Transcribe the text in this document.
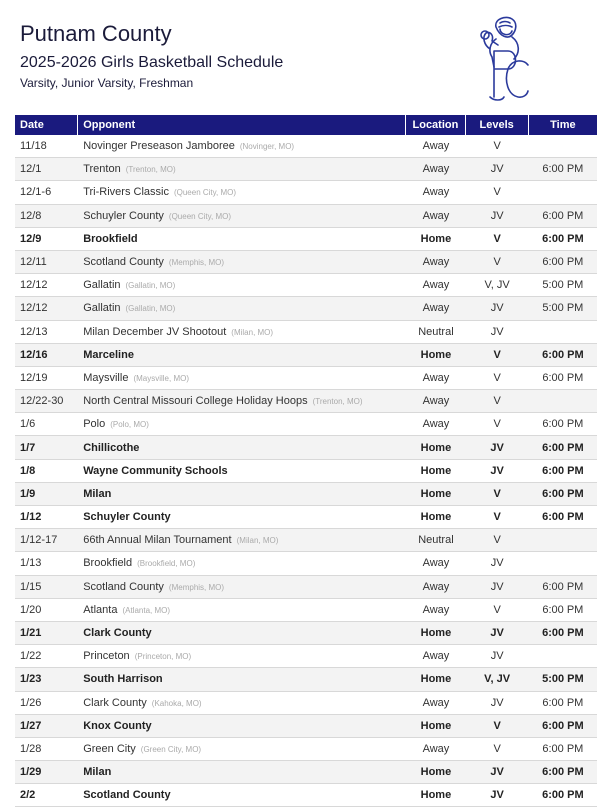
Putnam County
2025-2026 Girls Basketball Schedule
Varsity, Junior Varsity, Freshman
Date	Opponent	Location	Levels	Time
11/18	Novinger Preseason Jamboree (Novinger, MO)	Away	V	
12/1	Trenton (Trenton, MO)	Away	JV	6:00 PM
12/1-6	Tri-Rivers Classic (Queen City, MO)	Away	V	
12/8	Schuyler County (Queen City, MO)	Away	JV	6:00 PM
12/9	Brookfield	Home	V	6:00 PM
12/11	Scotland County (Memphis, MO)	Away	V	6:00 PM
12/12	Gallatin (Gallatin, MO)	Away	V, JV	5:00 PM
12/12	Gallatin (Gallatin, MO)	Away	JV	5:00 PM
12/13	Milan December JV Shootout (Milan, MO)	Neutral	JV	
12/16	Marceline	Home	V	6:00 PM
12/19	Maysville (Maysville, MO)	Away	V	6:00 PM
12/22-30	North Central Missouri College Holiday Hoops (Trenton, MO)	Away	V	
1/6	Polo (Polo, MO)	Away	V	6:00 PM
1/7	Chillicothe	Home	JV	6:00 PM
1/8	Wayne Community Schools	Home	JV	6:00 PM
1/9	Milan	Home	V	6:00 PM
1/12	Schuyler County	Home	V	6:00 PM
1/12-17	66th Annual Milan Tournament (Milan, MO)	Neutral	V	
1/13	Brookfield (Brookfield, MO)	Away	JV	
1/15	Scotland County (Memphis, MO)	Away	JV	6:00 PM
1/20	Atlanta (Atlanta, MO)	Away	V	6:00 PM
1/21	Clark County	Home	JV	6:00 PM
1/22	Princeton (Princeton, MO)	Away	JV	
1/23	South Harrison	Home	V, JV	5:00 PM
1/26	Clark County (Kahoka, MO)	Away	JV	6:00 PM
1/27	Knox County	Home	V	6:00 PM
1/28	Green City (Green City, MO)	Away	V	6:00 PM
1/29	Milan	Home	JV	6:00 PM
2/2	Scotland County	Home	JV	6:00 PM
